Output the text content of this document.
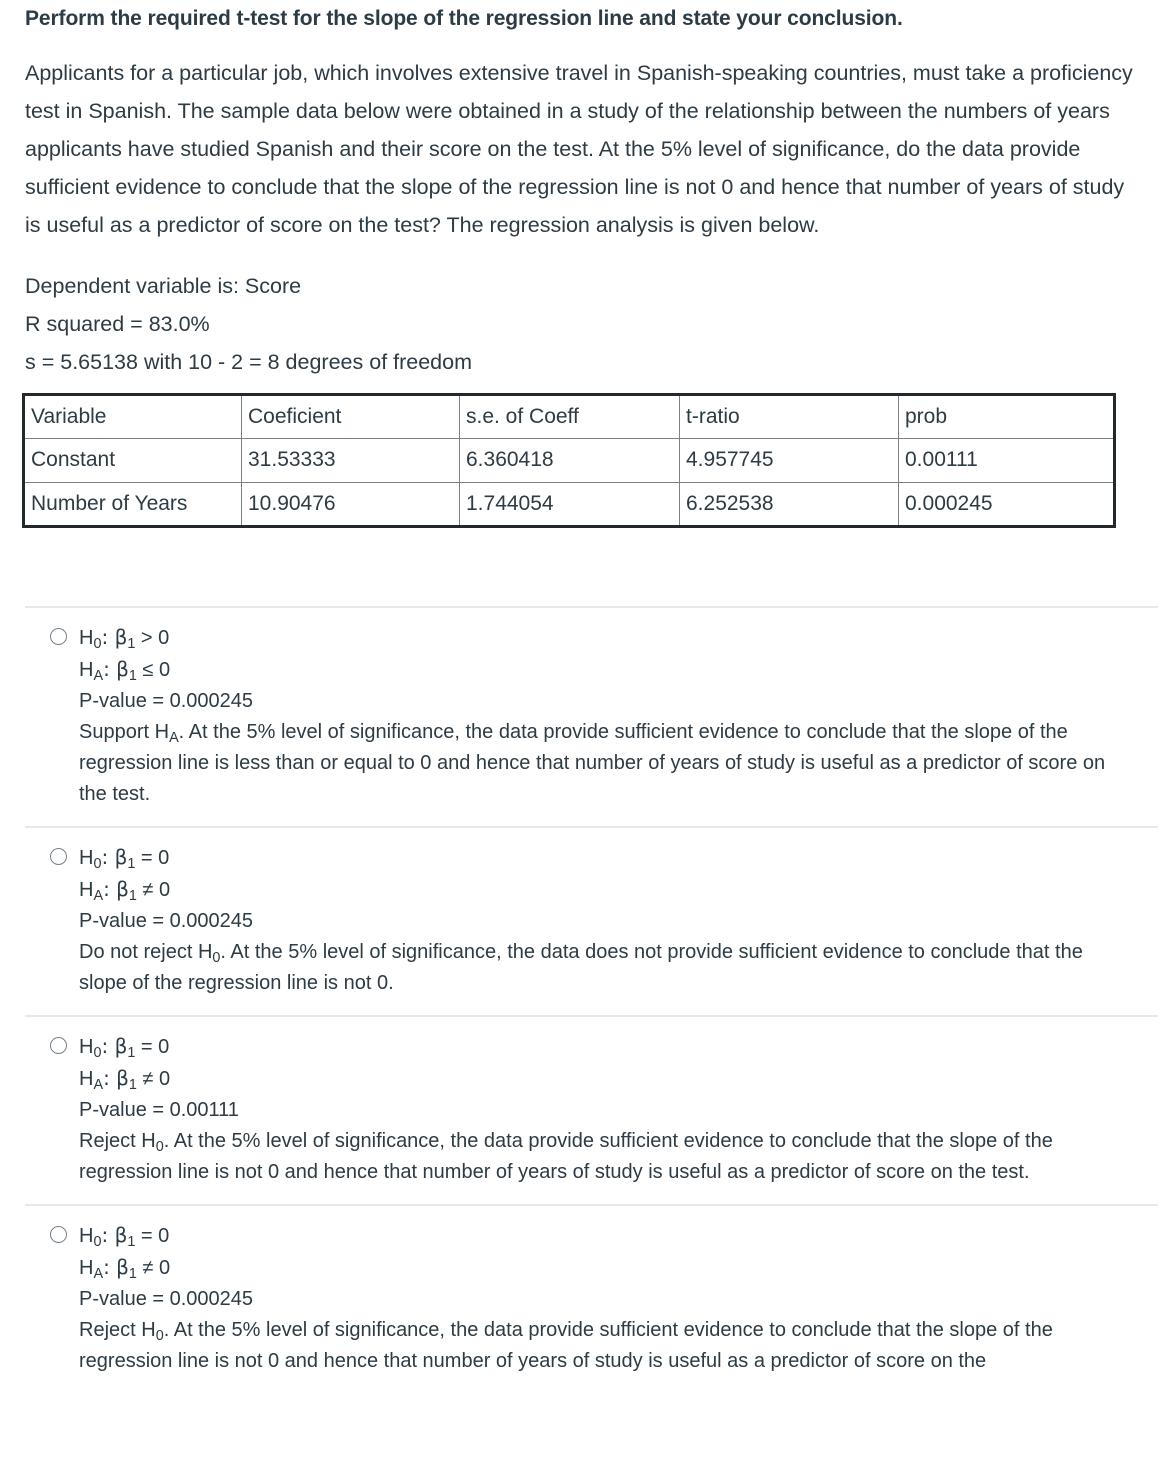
Perform the required t-test for the slope of the regression line and state your conclusion.
Applicants for a particular job, which involves extensive travel in Spanish-speaking countries, must take a proficiency test in Spanish. The sample data below were obtained in a study of the relationship between the numbers of years applicants have studied Spanish and their score on the test. At the 5% level of significance, do the data provide sufficient evidence to conclude that the slope of the regression line is not 0 and hence that number of years of study is useful as a predictor of score on the test? The regression analysis is given below.
Dependent variable is: Score
R squared = 83.0%
s = 5.65138 with 10 - 2 = 8 degrees of freedom
Variable	Coeficient	s.e. of Coeff	t-ratio	prob
Constant	31.53333	6.360418	4.957745	0.00111
Number of Years	10.90476	1.744054	6.252538	0.000245
$H_0$: $\beta_1 > 0$
$H_A$: $\beta_1 \le 0$
P-value = 0.000245
Support $H_A$. At the 5% level of significance, the data provide sufficient evidence to conclude that the slope of the regression line is less than or equal to 0 and hence that number of years of study is useful as a predictor of score on the test.
$H_0$: $\beta_1 = 0$
$H_A$: $\beta_1 \ne 0$
P-value = 0.000245
Do not reject $H_0$. At the 5% level of significance, the data does not provide sufficient evidence to conclude that the slope of the regression line is not 0.
$H_0$: $\beta_1 = 0$
$H_A$: $\beta_1 \ne 0$
P-value = 0.00111
Reject $H_0$. At the 5% level of significance, the data provide sufficient evidence to conclude that the slope of the regression line is not 0 and hence that number of years of study is useful as a predictor of score on the test.
$H_0$: $\beta_1 = 0$
$H_A$: $\beta_1 \ne 0$
P-value = 0.000245
Reject $H_0$. At the 5% level of significance, the data provide sufficient evidence to conclude that the slope of the regression line is not 0 and hence that number of years of study is useful as a predictor of score on the
